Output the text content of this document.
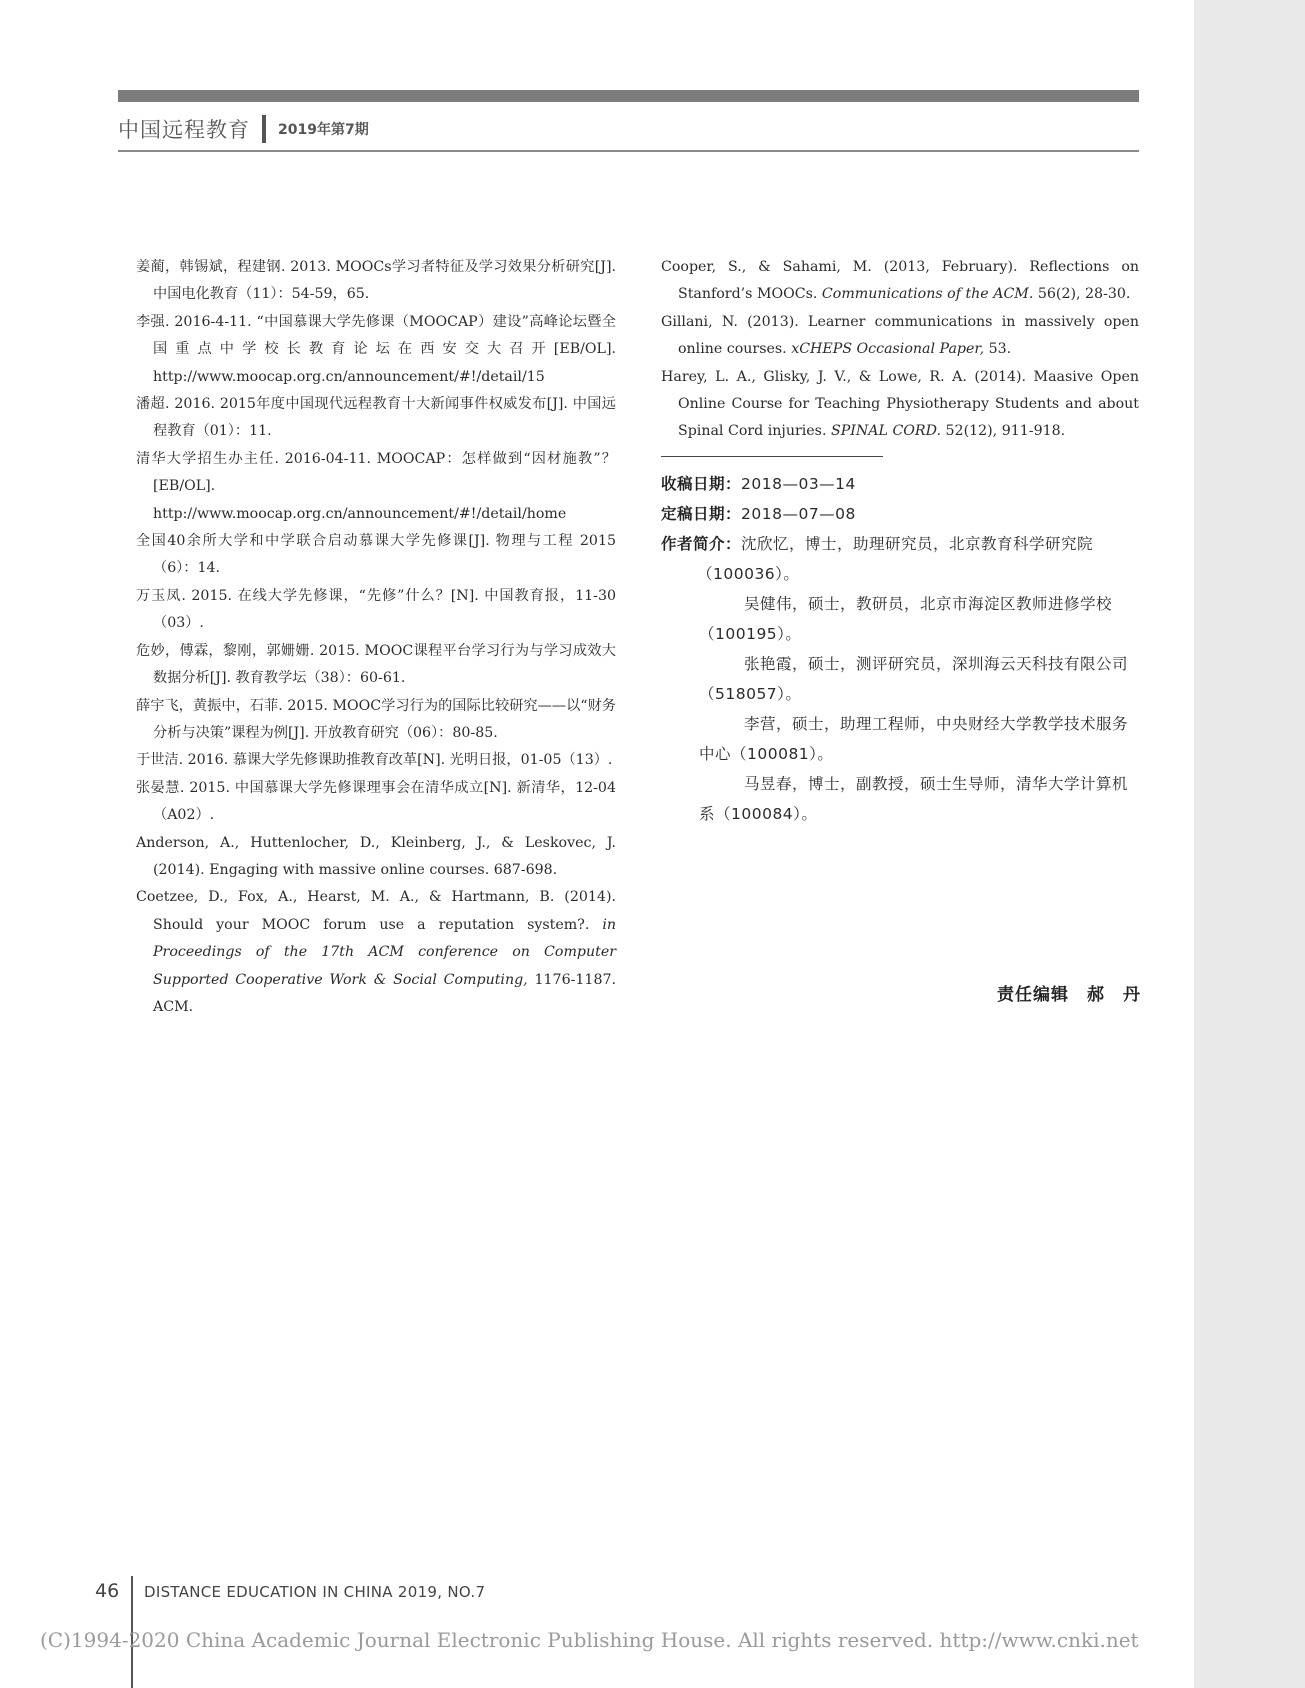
中国远程教育 2019年第7期
姜蔺，韩锡斌，程建钢. 2013. MOOCs学习者特征及学习效果分析研究[J]. 中国电化教育（11）：54-59，65.
李强. 2016-4-11. “中国慕课大学先修课（MOOCAP）建设”高峰论坛暨全国重点中学校长教育论坛在西安交大召开[EB/OL]. http://www.moocap.org.cn/announcement/#!/detail/15
潘超. 2016. 2015年度中国现代远程教育十大新闻事件权威发布[J]. 中国远程教育（01）：11.
清华大学招生办主任. 2016-04-11. MOOCAP：怎样做到“因材施教”？[EB/OL]. http://www.moocap.org.cn/announcement/#!/detail/home
全国40余所大学和中学联合启动慕课大学先修课[J]. 物理与工程 2015（6）：14.
万玉凤. 2015. 在线大学先修课，“先修”什么？[N]. 中国教育报，11-30（03）.
危妙，傅霖，黎刚，郭姗姗. 2015. MOOC课程平台学习行为与学习成效大数据分析[J]. 教育教学坛（38）：60-61.
薛宇飞，黄振中，石菲. 2015. MOOC学习行为的国际比较研究——以“财务分析与决策”课程为例[J]. 开放教育研究（06）：80-85.
于世洁. 2016. 慕课大学先修课助推教育改革[N]. 光明日报，01-05（13）.
张晏慧. 2015. 中国慕课大学先修课理事会在清华成立[N]. 新清华，12-04（A02）.
Anderson, A., Huttenlocher, D., Kleinberg, J., & Leskovec, J. (2014). Engaging with massive online courses. 687-698.
Coetzee, D., Fox, A., Hearst, M. A., & Hartmann, B. (2014). Should your MOOC forum use a reputation system?. in Proceedings of the 17th ACM conference on Computer Supported Cooperative Work & Social Computing, 1176-1187. ACM.
Cooper, S., & Sahami, M. (2013, February). Reflections on Stanford’s MOOCs. Communications of the ACM. 56(2), 28-30.
Gillani, N. (2013). Learner communications in massively open online courses. xCHEPS Occasional Paper, 53.
Harey, L. A., Glisky, J. V., & Lowe, R. A. (2014). Maasive Open Online Course for Teaching Physiotherapy Students and about Spinal Cord injuries. SPINAL CORD. 52(12), 911-918.
收稿日期：2018—03—14
定稿日期：2018—07—08
作者简介：沈欣忆，博士，助理研究员，北京教育科学研究院（100036）。
吴健伟，硕士，教研员，北京市海淀区教师进修学校（100195）。
张艳霞，硕士，测评研究员，深圳海云天科技有限公司（518057）。
李营，硕士，助理工程师，中央财经大学教学技术服务中心（100081）。
马昱春，博士，副教授，硕士生导师，清华大学计算机系（100084）。
责任编辑　郝　丹
46 DISTANCE EDUCATION IN CHINA 2019, NO.7
(C)1994-2020 China Academic Journal Electronic Publishing House. All rights reserved. http://www.cnki.net
